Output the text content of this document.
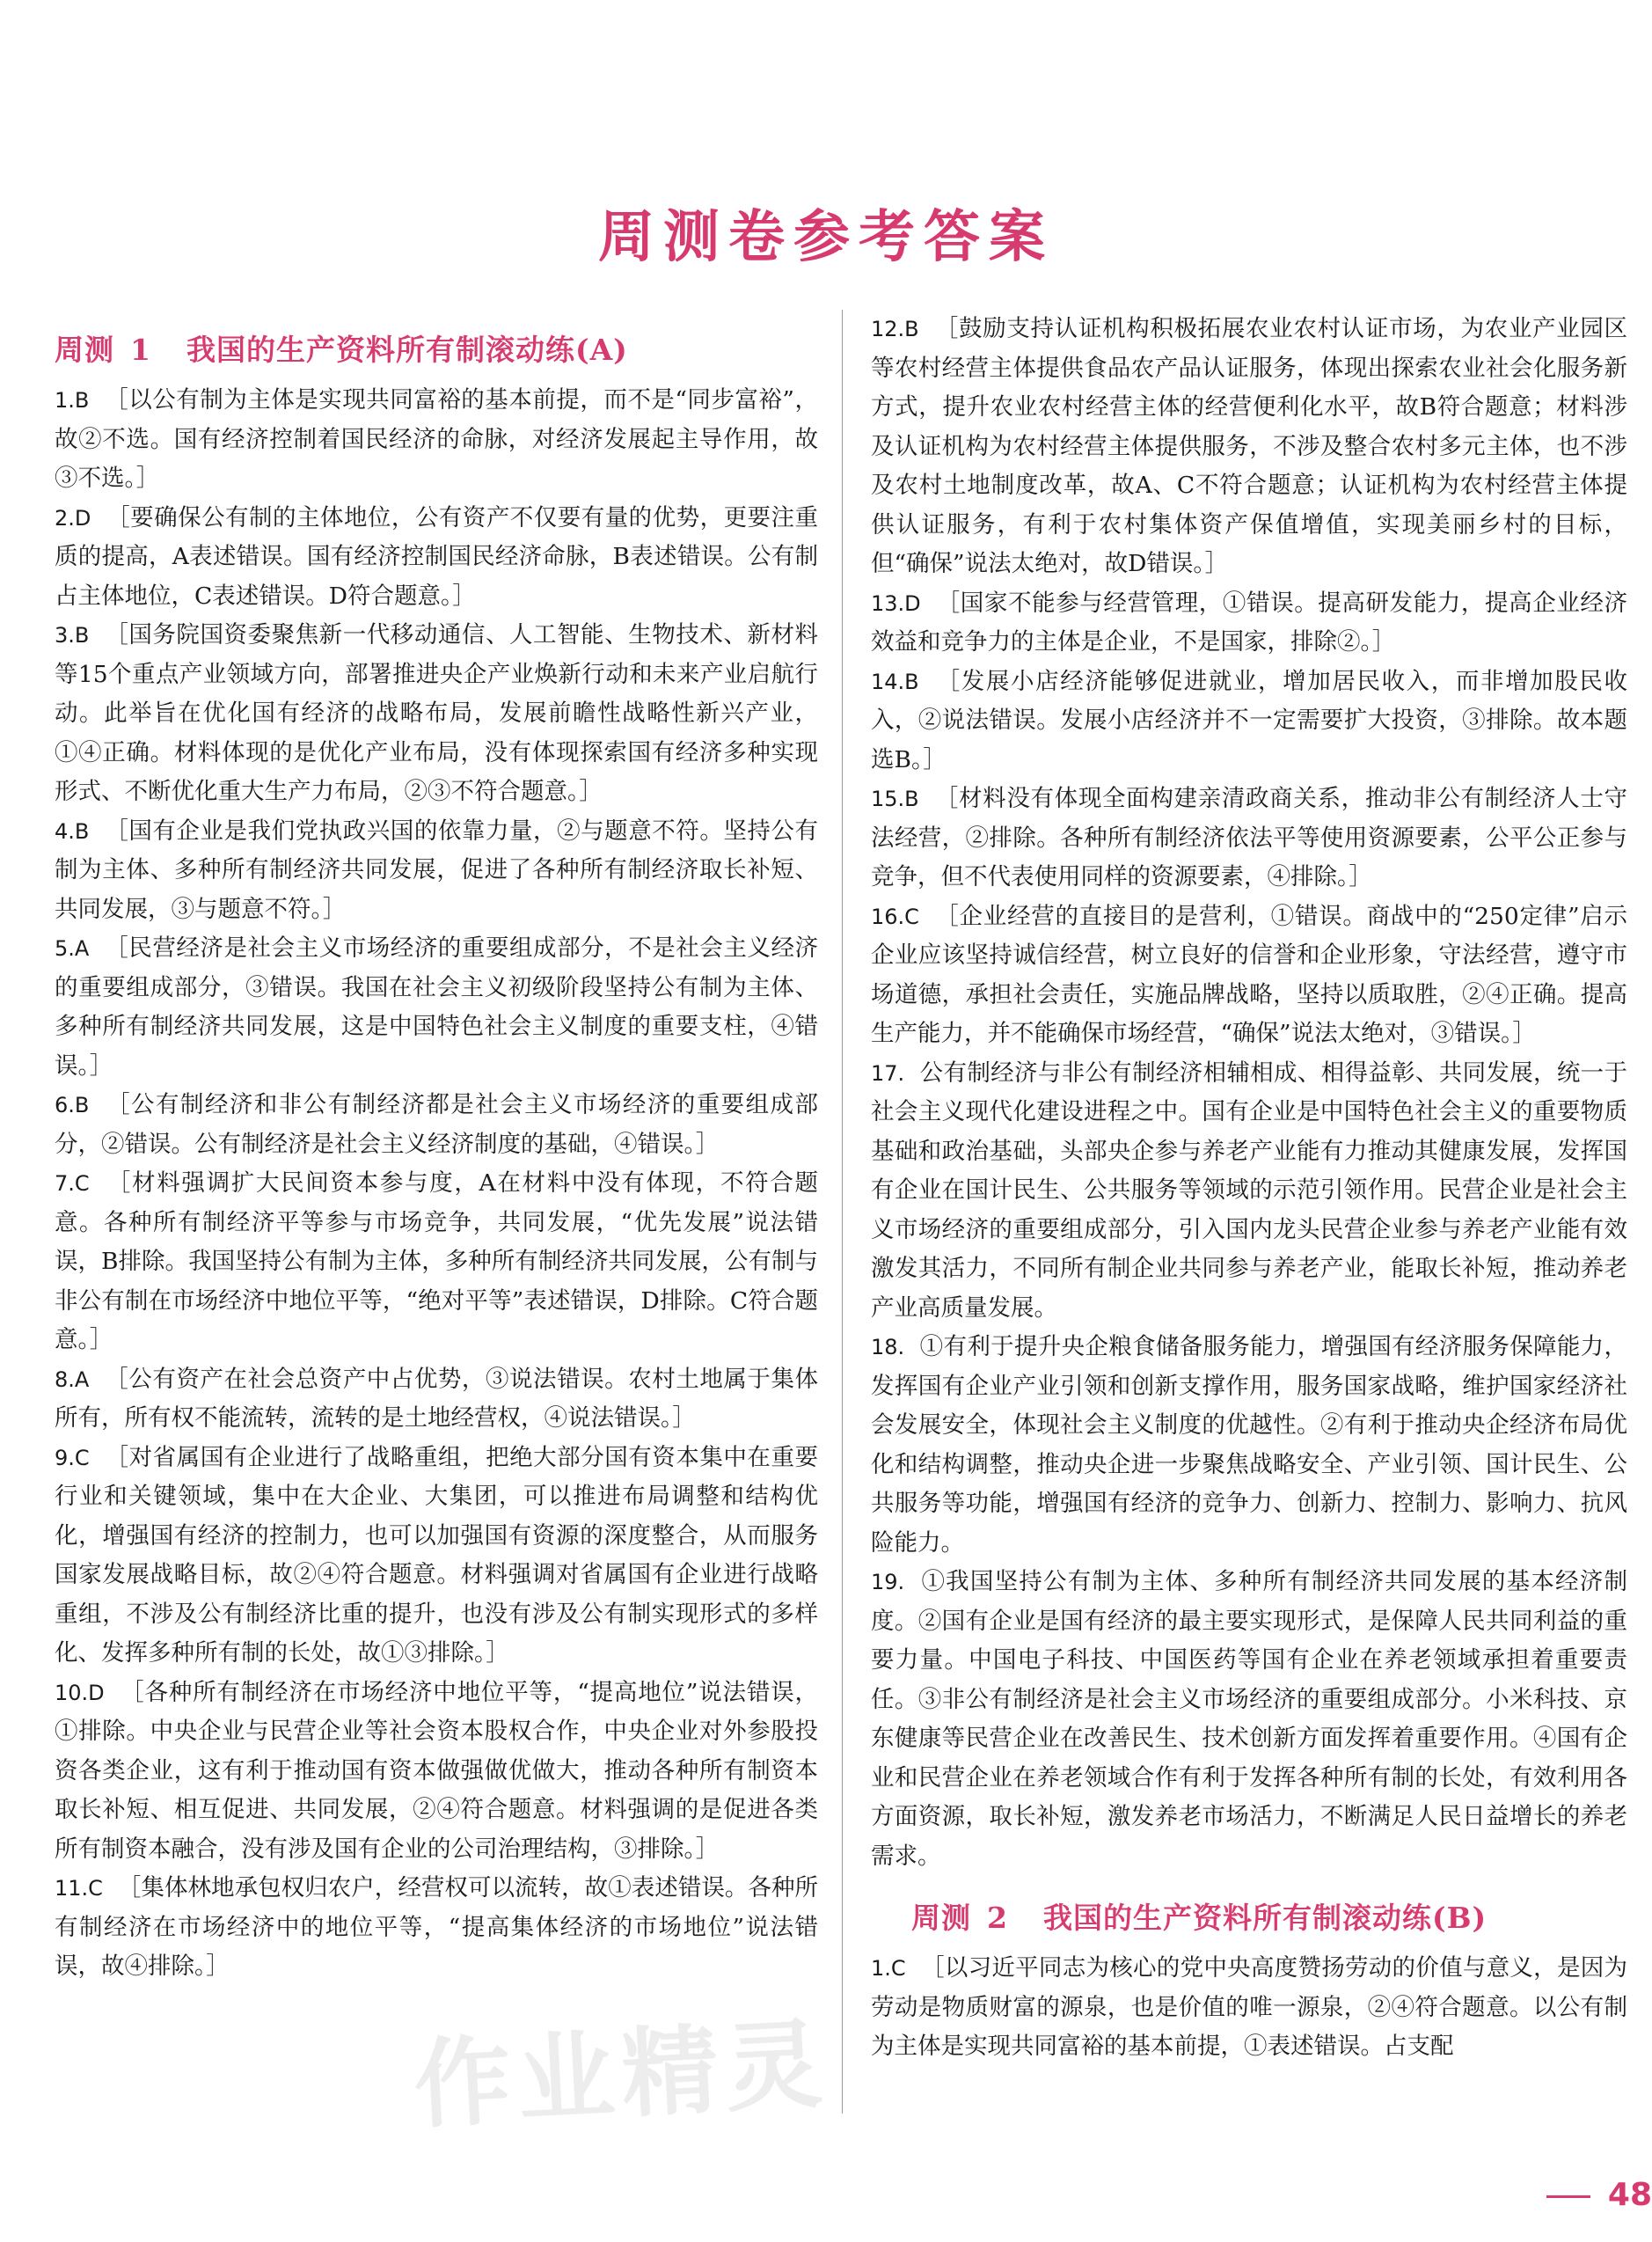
周测卷参考答案
周测 1 我国的生产资料所有制滚动练(A)

1.B ［以公有制为主体是实现共同富裕的基本前提，而不是“同步富裕”，故②不选。国有经济控制着国民经济的命脉，对经济发展起主导作用，故③不选。］

2.D ［要确保公有制的主体地位，公有资产不仅要有量的优势，更要注重质的提高，A表述错误。国有经济控制国民经济命脉，B表述错误。公有制占主体地位，C表述错误。D符合题意。］

3.B ［国务院国资委聚焦新一代移动通信、人工智能、生物技术、新材料等15个重点产业领域方向，部署推进央企产业焕新行动和未来产业启航行动。此举旨在优化国有经济的战略布局，发展前瞻性战略性新兴产业，①④正确。材料体现的是优化产业布局，没有体现探索国有经济多种实现形式、不断优化重大生产力布局，②③不符合题意。］

4.B ［国有企业是我们党执政兴国的依靠力量，②与题意不符。坚持公有制为主体、多种所有制经济共同发展，促进了各种所有制经济取长补短、共同发展，③与题意不符。］

5.A ［民营经济是社会主义市场经济的重要组成部分，不是社会主义经济的重要组成部分，③错误。我国在社会主义初级阶段坚持公有制为主体、多种所有制经济共同发展，这是中国特色社会主义制度的重要支柱，④错误。］

6.B ［公有制经济和非公有制经济都是社会主义市场经济的重要组成部分，②错误。公有制经济是社会主义经济制度的基础，④错误。］

7.C ［材料强调扩大民间资本参与度，A在材料中没有体现，不符合题意。各种所有制经济平等参与市场竞争，共同发展，“优先发展”说法错误，B排除。我国坚持公有制为主体，多种所有制经济共同发展，公有制与非公有制在市场经济中地位平等，“绝对平等”表述错误，D排除。C符合题意。］

8.A ［公有资产在社会总资产中占优势，③说法错误。农村土地属于集体所有，所有权不能流转，流转的是土地经营权，④说法错误。］

9.C ［对省属国有企业进行了战略重组，把绝大部分国有资本集中在重要行业和关键领域，集中在大企业、大集团，可以推进布局调整和结构优化，增强国有经济的控制力，也可以加强国有资源的深度整合，从而服务国家发展战略目标，故②④符合题意。材料强调对省属国有企业进行战略重组，不涉及公有制经济比重的提升，也没有涉及公有制实现形式的多样化、发挥多种所有制的长处，故①③排除。］

10.D ［各种所有制经济在市场经济中地位平等，“提高地位”说法错误，①排除。中央企业与民营企业等社会资本股权合作，中央企业对外参股投资各类企业，这有利于推动国有资本做强做优做大，推动各种所有制资本取长补短、相互促进、共同发展，②④符合题意。材料强调的是促进各类所有制资本融合，没有涉及国有企业的公司治理结构，③排除。］

11.C ［集体林地承包权归农户，经营权可以流转，故①表述错误。各种所有制经济在市场经济中的地位平等，“提高集体经济的市场地位”说法错误，故④排除。］

12.B ［鼓励支持认证机构积极拓展农业农村认证市场，为农业产业园区等农村经营主体提供食品农产品认证服务，体现出探索农业社会化服务新方式，提升农业农村经营主体的经营便利化水平，故B符合题意；材料涉及认证机构为农村经营主体提供服务，不涉及整合农村多元主体，也不涉及农村土地制度改革，故A、C不符合题意；认证机构为农村经营主体提供认证服务，有利于农村集体资产保值增值，实现美丽乡村的目标，但“确保”说法太绝对，故D错误。］

13.D ［国家不能参与经营管理，①错误。提高研发能力，提高企业经济效益和竞争力的主体是企业，不是国家，排除②。］

14.B ［发展小店经济能够促进就业，增加居民收入，而非增加股民收入，②说法错误。发展小店经济并不一定需要扩大投资，③排除。故本题选B。］

15.B ［材料没有体现全面构建亲清政商关系，推动非公有制经济人士守法经营，②排除。各种所有制经济依法平等使用资源要素，公平公正参与竞争，但不代表使用同样的资源要素，④排除。］

16.C ［企业经营的直接目的是营利，①错误。商战中的“250定律”启示企业应该坚持诚信经营，树立良好的信誉和企业形象，守法经营，遵守市场道德，承担社会责任，实施品牌战略，坚持以质取胜，②④正确。提高生产能力，并不能确保市场经营，“确保”说法太绝对，③错误。］

17. 公有制经济与非公有制经济相辅相成、相得益彰、共同发展，统一于社会主义现代化建设进程之中。国有企业是中国特色社会主义的重要物质基础和政治基础，头部央企参与养老产业能有力推动其健康发展，发挥国有企业在国计民生、公共服务等领域的示范引领作用。民营企业是社会主义市场经济的重要组成部分，引入国内龙头民营企业参与养老产业能有效激发其活力，不同所有制企业共同参与养老产业，能取长补短，推动养老产业高质量发展。

18. ①有利于提升央企粮食储备服务能力，增强国有经济服务保障能力，发挥国有企业产业引领和创新支撑作用，服务国家战略，维护国家经济社会发展安全，体现社会主义制度的优越性。②有利于推动央企经济布局优化和结构调整，推动央企进一步聚焦战略安全、产业引领、国计民生、公共服务等功能，增强国有经济的竞争力、创新力、控制力、影响力、抗风险能力。

19. ①我国坚持公有制为主体、多种所有制经济共同发展的基本经济制度。②国有企业是国有经济的最主要实现形式，是保障人民共同利益的重要力量。中国电子科技、中国医药等国有企业在养老领域承担着重要责任。③非公有制经济是社会主义市场经济的重要组成部分。小米科技、京东健康等民营企业在改善民生、技术创新方面发挥着重要作用。④国有企业和民营企业在养老领域合作有利于发挥各种所有制的长处，有效利用各方面资源，取长补短，激发养老市场活力，不断满足人民日益增长的养老需求。

周测 2 我国的生产资料所有制滚动练(B)

1.C ［以习近平同志为核心的党中央高度赞扬劳动的价值与意义，是因为劳动是物质财富的源泉，也是价值的唯一源泉，②④符合题意。以公有制为主体是实现共同富裕的基本前提，①表述错误。占支配

作业精灵
48
